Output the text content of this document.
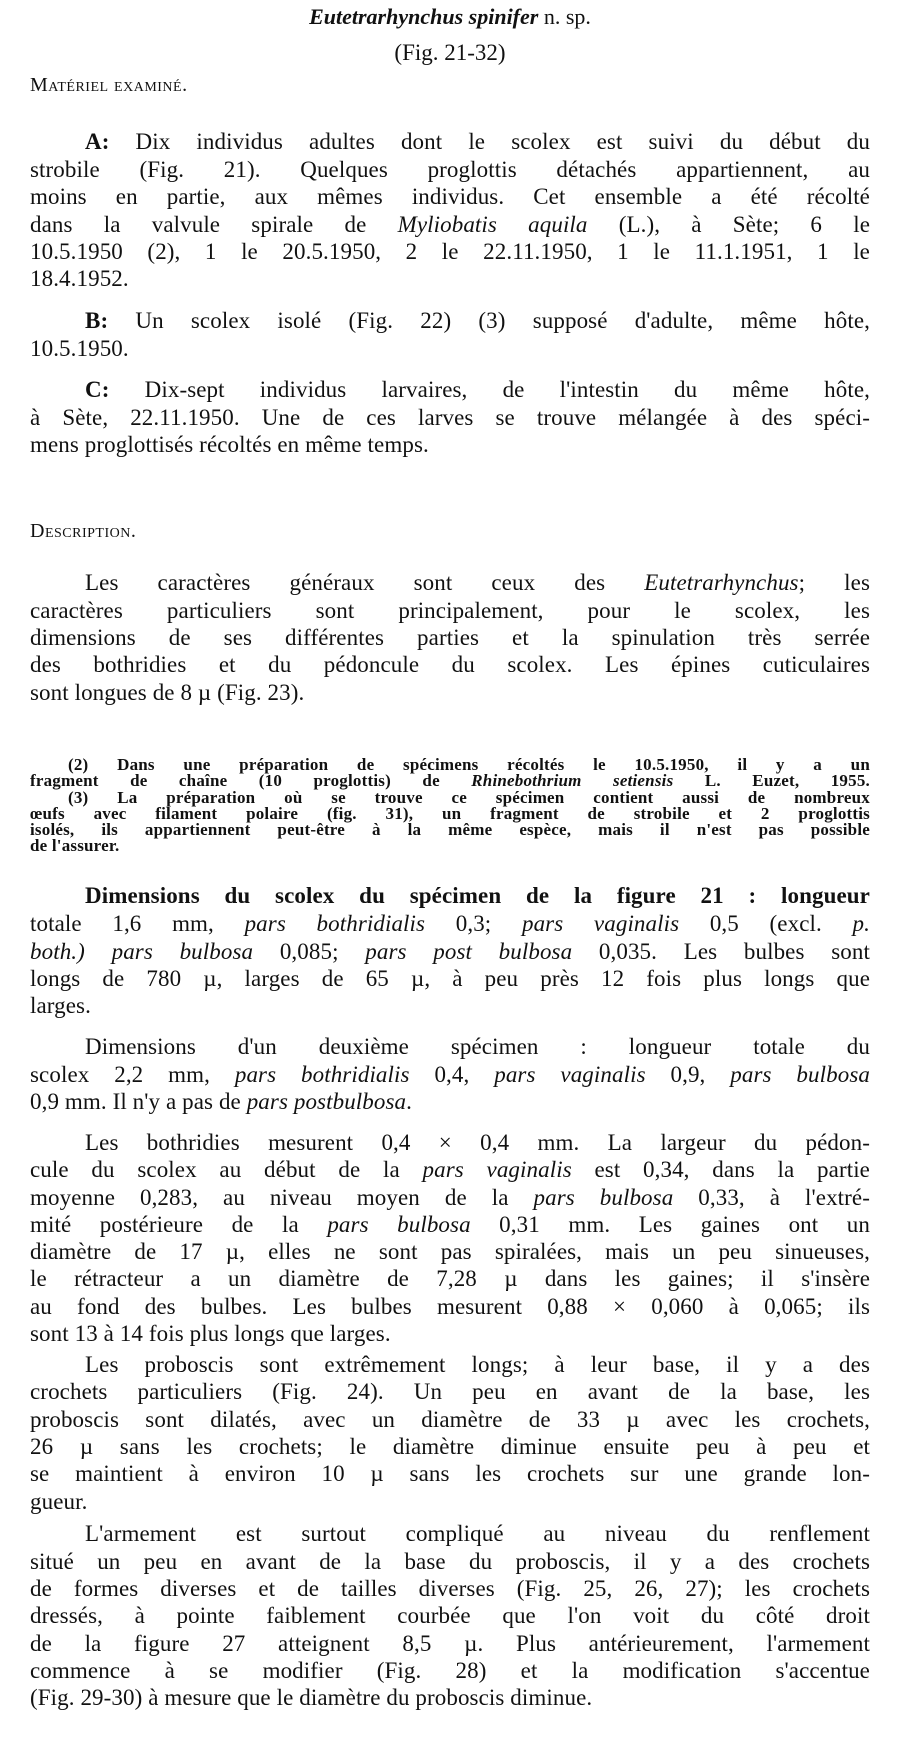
Eutetrarhynchus spinifer n. sp.
(Fig. 21-32)
Matériel examiné.
A: Dix individus adultes dont le scolex est suivi du début du
strobile (Fig. 21). Quelques proglottis détachés appartiennent, au
moins en partie, aux mêmes individus. Cet ensemble a été récolté
dans la valvule spirale de Myliobatis aquila (L.), à Sète; 6 le
10.5.1950 (2), 1 le 20.5.1950, 2 le 22.11.1950, 1 le 11.1.1951, 1 le
18.4.1952.
B: Un scolex isolé (Fig. 22) (3) supposé d'adulte, même hôte,
10.5.1950.
C: Dix-sept individus larvaires, de l'intestin du même hôte,
à Sète, 22.11.1950. Une de ces larves se trouve mélangée à des spéci-
mens proglottisés récoltés en même temps.
Description.
Les caractères généraux sont ceux des Eutetrarhynchus; les
caractères particuliers sont principalement, pour le scolex, les
dimensions de ses différentes parties et la spinulation très serrée
des bothridies et du pédoncule du scolex. Les épines cuticulaires
sont longues de 8 µ (Fig. 23).
(2) Dans une préparation de spécimens récoltés le 10.5.1950, il y a un
fragment de chaîne (10 proglottis) de Rhinebothrium setiensis L. Euzet, 1955.
(3) La préparation où se trouve ce spécimen contient aussi de nombreux
œufs avec filament polaire (fig. 31), un fragment de strobile et 2 proglottis
isolés, ils appartiennent peut-être à la même espèce, mais il n'est pas possible
de l'assurer.
Dimensions du scolex du spécimen de la figure 21 : longueur
totale 1,6 mm, pars bothridialis 0,3; pars vaginalis 0,5 (excl. p.
both.) pars bulbosa 0,085; pars post bulbosa 0,035. Les bulbes sont
longs de 780 µ, larges de 65 µ, à peu près 12 fois plus longs que
larges.
Dimensions d'un deuxième spécimen : longueur totale du
scolex 2,2 mm, pars bothridialis 0,4, pars vaginalis 0,9, pars bulbosa
0,9 mm. Il n'y a pas de pars postbulbosa.
Les bothridies mesurent 0,4 × 0,4 mm. La largeur du pédon-
cule du scolex au début de la pars vaginalis est 0,34, dans la partie
moyenne 0,283, au niveau moyen de la pars bulbosa 0,33, à l'extré-
mité postérieure de la pars bulbosa 0,31 mm. Les gaines ont un
diamètre de 17 µ, elles ne sont pas spiralées, mais un peu sinueuses,
le rétracteur a un diamètre de 7,28 µ dans les gaines; il s'insère
au fond des bulbes. Les bulbes mesurent 0,88 × 0,060 à 0,065; ils
sont 13 à 14 fois plus longs que larges.
Les proboscis sont extrêmement longs; à leur base, il y a des
crochets particuliers (Fig. 24). Un peu en avant de la base, les
proboscis sont dilatés, avec un diamètre de 33 µ avec les crochets,
26 µ sans les crochets; le diamètre diminue ensuite peu à peu et
se maintient à environ 10 µ sans les crochets sur une grande lon-
gueur.
L'armement est surtout compliqué au niveau du renflement
situé un peu en avant de la base du proboscis, il y a des crochets
de formes diverses et de tailles diverses (Fig. 25, 26, 27); les crochets
dressés, à pointe faiblement courbée que l'on voit du côté droit
de la figure 27 atteignent 8,5 µ. Plus antérieurement, l'armement
commence à se modifier (Fig. 28) et la modification s'accentue
(Fig. 29-30) à mesure que le diamètre du proboscis diminue.
